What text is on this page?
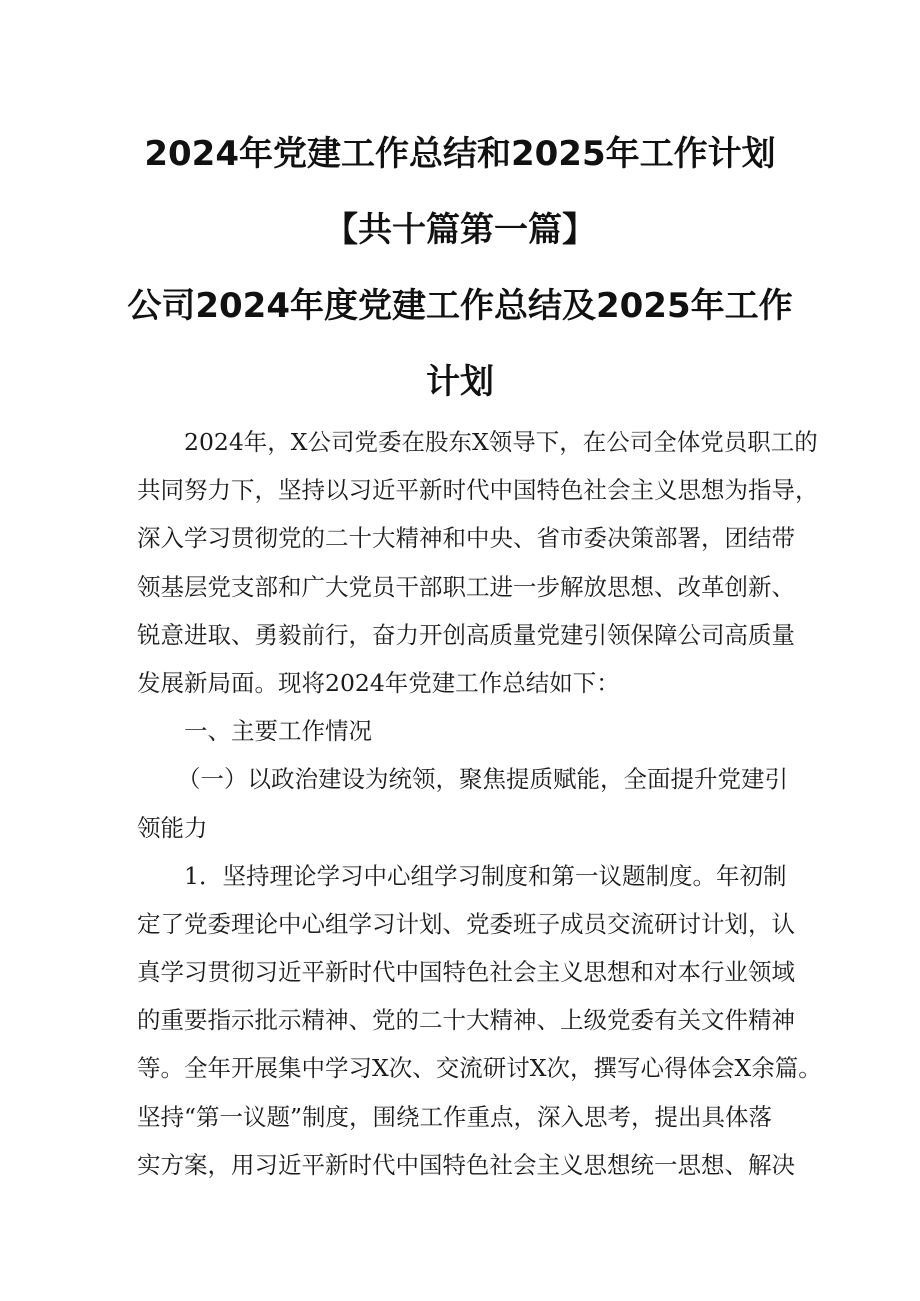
2024年党建工作总结和2025年工作计划
【共十篇第一篇】
公司2024年度党建工作总结及2025年工作
计划
2024年，X公司党委在股东X领导下，在公司全体党员职工的
共同努力下，坚持以习近平新时代中国特色社会主义思想为指导，
深入学习贯彻党的二十大精神和中央、省市委决策部署，团结带
领基层党支部和广大党员干部职工进一步解放思想、改革创新、
锐意进取、勇毅前行，奋力开创高质量党建引领保障公司高质量
发展新局面。现将2024年党建工作总结如下：
一、主要工作情况
（一）以政治建设为统领，聚焦提质赋能，全面提升党建引
领能力
1．坚持理论学习中心组学习制度和第一议题制度。年初制
定了党委理论中心组学习计划、党委班子成员交流研讨计划，认
真学习贯彻习近平新时代中国特色社会主义思想和对本行业领域
的重要指示批示精神、党的二十大精神、上级党委有关文件精神
等。全年开展集中学习X次、交流研讨X次，撰写心得体会X余篇。
坚持“第一议题”制度，围绕工作重点，深入思考，提出具体落
实方案，用习近平新时代中国特色社会主义思想统一思想、解决
